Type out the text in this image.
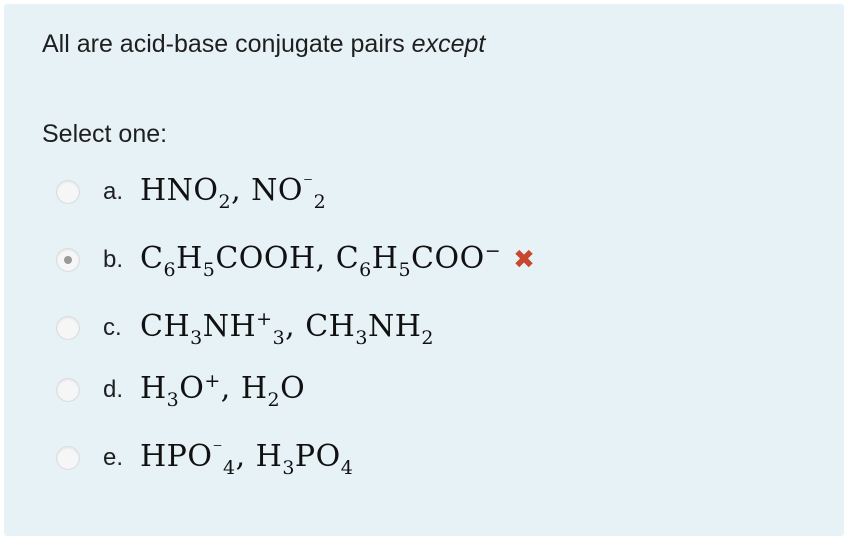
All are acid-base conjugate pairs except
Select one:
a. $HNO_2$, $NO^{^-}_2$
b. $C_6H_5COOH$, $C_6H_5COO^-$ ✖
c. $CH_3NH^+_3$, $CH_3NH_2$
d. $H_3O^+$, $H_2O$
e. $HPO^{^-}_4$, $H_3PO_4$
